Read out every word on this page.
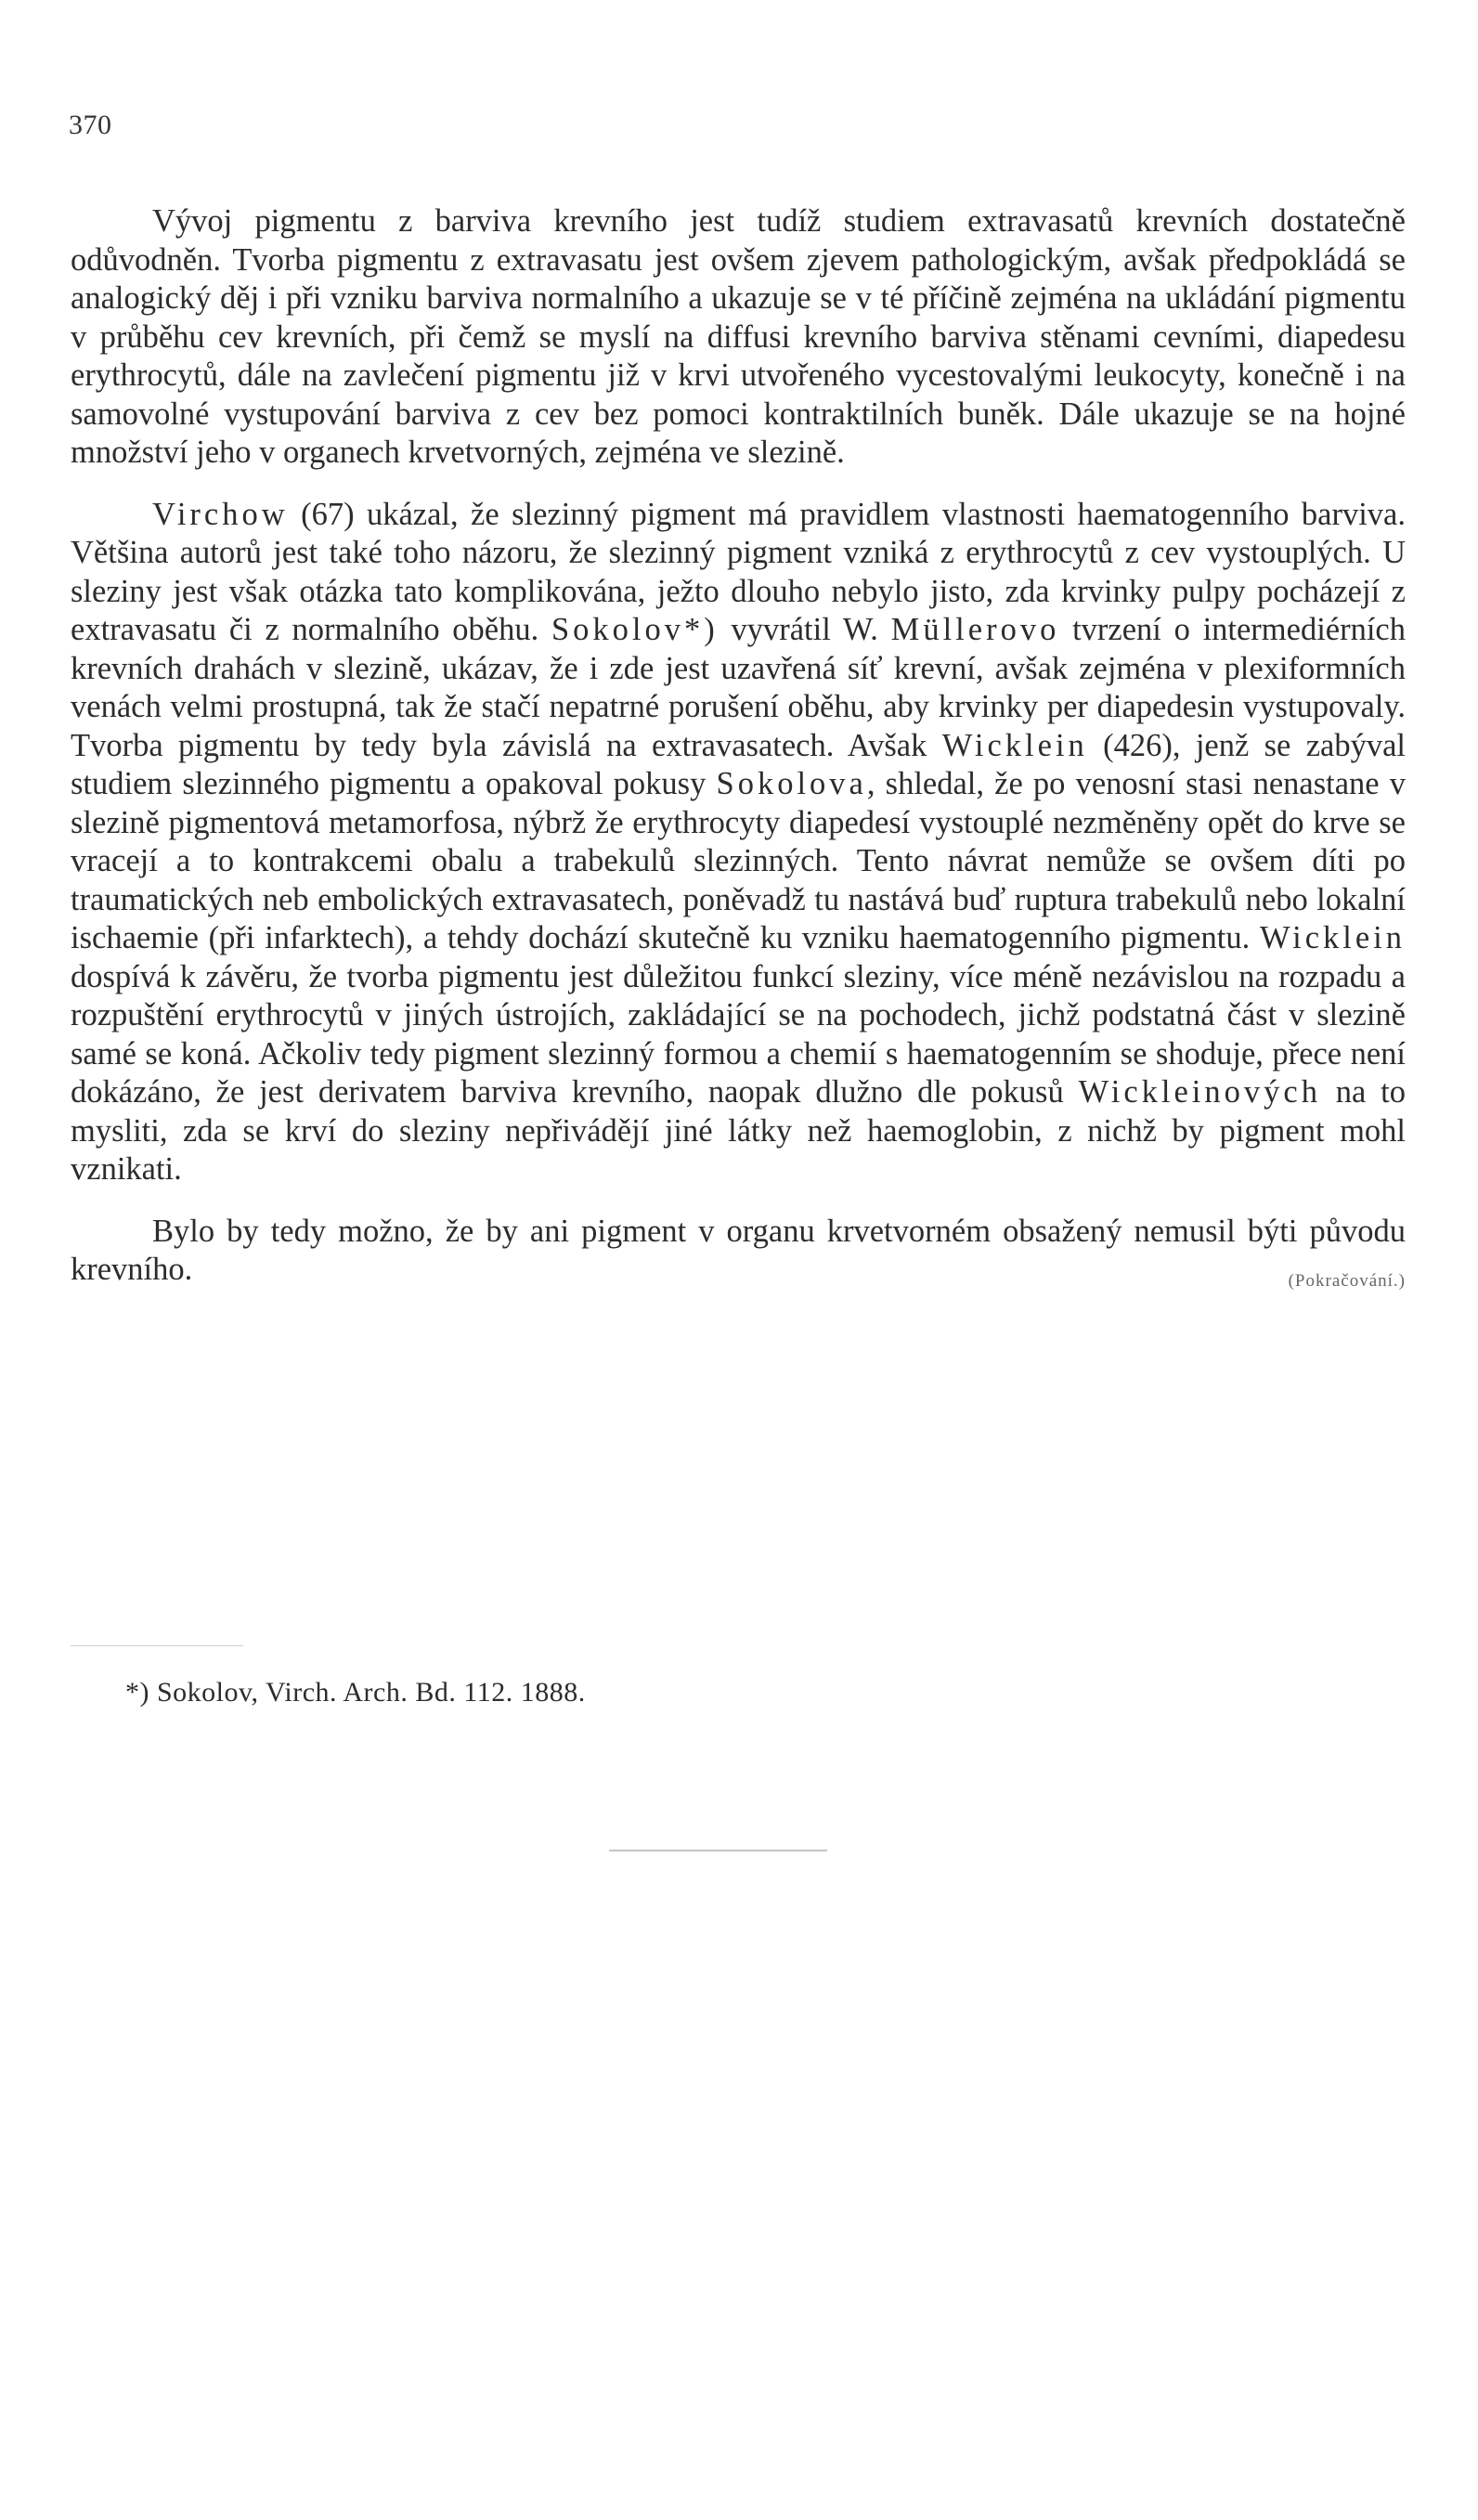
370

Vývoj pigmentu z barviva krevního jest tudíž studiem extravasatů krevních dostatečně odůvodněn. Tvorba pigmentu z extravasatu jest ovšem zjevem pathologickým, avšak předpokládá se analogický děj i při vzniku barviva normalního a ukazuje se v té příčině zejména na ukládání pigmentu v průběhu cev krevních, při čemž se myslí na diffusi krevního barviva stěnami cevními, diapedesu erythrocytů, dále na zavlečení pigmentu již v krvi utvořeného vycestovalými leukocyty, konečně i na samovolné vystupování barviva z cev bez pomoci kontraktilních buněk. Dále ukazuje se na hojné množství jeho v organech krvetvorných, zejména ve slezině.

Virchow (67) ukázal, že slezinný pigment má pravidlem vlastnosti haematogenního barviva. Většina autorů jest také toho názoru, že slezinný pigment vzniká z erythrocytů z cev vystouplých. U sleziny jest však otázka tato komplikována, ježto dlouho nebylo jisto, zda krvinky pulpy pocházejí z extravasatu či z normalního oběhu. Sokolov*) vyvrátil W. Müllerovo tvrzení o intermediérních krevních drahách v slezině, ukázav, že i zde jest uzavřená síť krevní, avšak zejména v plexiformních venách velmi prostupná, tak že stačí nepatrné porušení oběhu, aby krvinky per diapedesin vystupovaly. Tvorba pigmentu by tedy byla závislá na extravasatech. Avšak Wicklein (426), jenž se zabýval studiem slezinného pigmentu a opakoval pokusy Sokolova, shledal, že po venosní stasi nenastane v slezině pigmentová metamorfosa, nýbrž že erythrocyty diapedesí vystouplé nezměněny opět do krve se vracejí a to kontrakcemi obalu a trabekulů slezinných. Tento návrat nemůže se ovšem díti po traumatických neb embolických extravasatech, poněvadž tu nastává buď ruptura trabekulů nebo lokalní ischaemie (při infarktech), a tehdy dochází skutečně ku vzniku haematogenního pigmentu. Wicklein dospívá k závěru, že tvorba pigmentu jest důležitou funkcí sleziny, více méně nezávislou na rozpadu a rozpuštění erythrocytů v jiných ústrojích, zakládající se na pochodech, jichž podstatná část v slezině samé se koná. Ačkoliv tedy pigment slezinný formou a chemií s haematogenním se shoduje, přece není dokázáno, že jest derivatem barviva krevního, naopak dlužno dle pokusů Wickleinových na to mysliti, zda se krví do sleziny nepřivádějí jiné látky než haemoglobin, z nichž by pigment mohl vznikati.

Bylo by tedy možno, že by ani pigment v organu krvetvorném obsažený nemusil býti původu krevního.	(Pokračování.)

*) Sokolov, Virch. Arch. Bd. 112. 1888.
